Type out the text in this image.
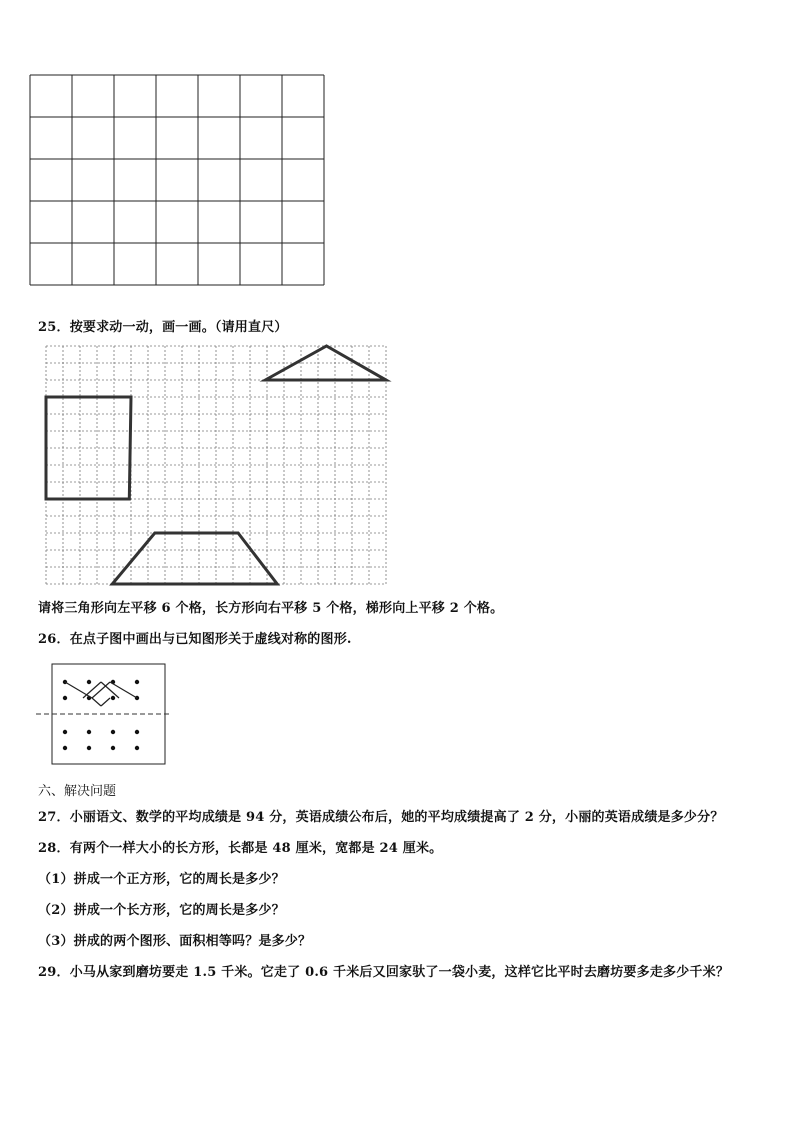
25．按要求动一动，画一画。（请用直尺）
请将三角形向左平移 6 个格，长方形向右平移 5 个格，梯形向上平移 2 个格。
26．在点子图中画出与已知图形关于虚线对称的图形.
六、解决问题
27．小丽语文、数学的平均成绩是 94 分，英语成绩公布后，她的平均成绩提高了 2 分，小丽的英语成绩是多少分？
28．有两个一样大小的长方形，长都是 48 厘米，宽都是 24 厘米。
（1）拼成一个正方形，它的周长是多少？
（2）拼成一个长方形，它的周长是多少？
（3）拼成的两个图形、面积相等吗？是多少？
29．小马从家到磨坊要走 1.5 千米。它走了 0.6 千米后又回家驮了一袋小麦，这样它比平时去磨坊要多走多少千米？
